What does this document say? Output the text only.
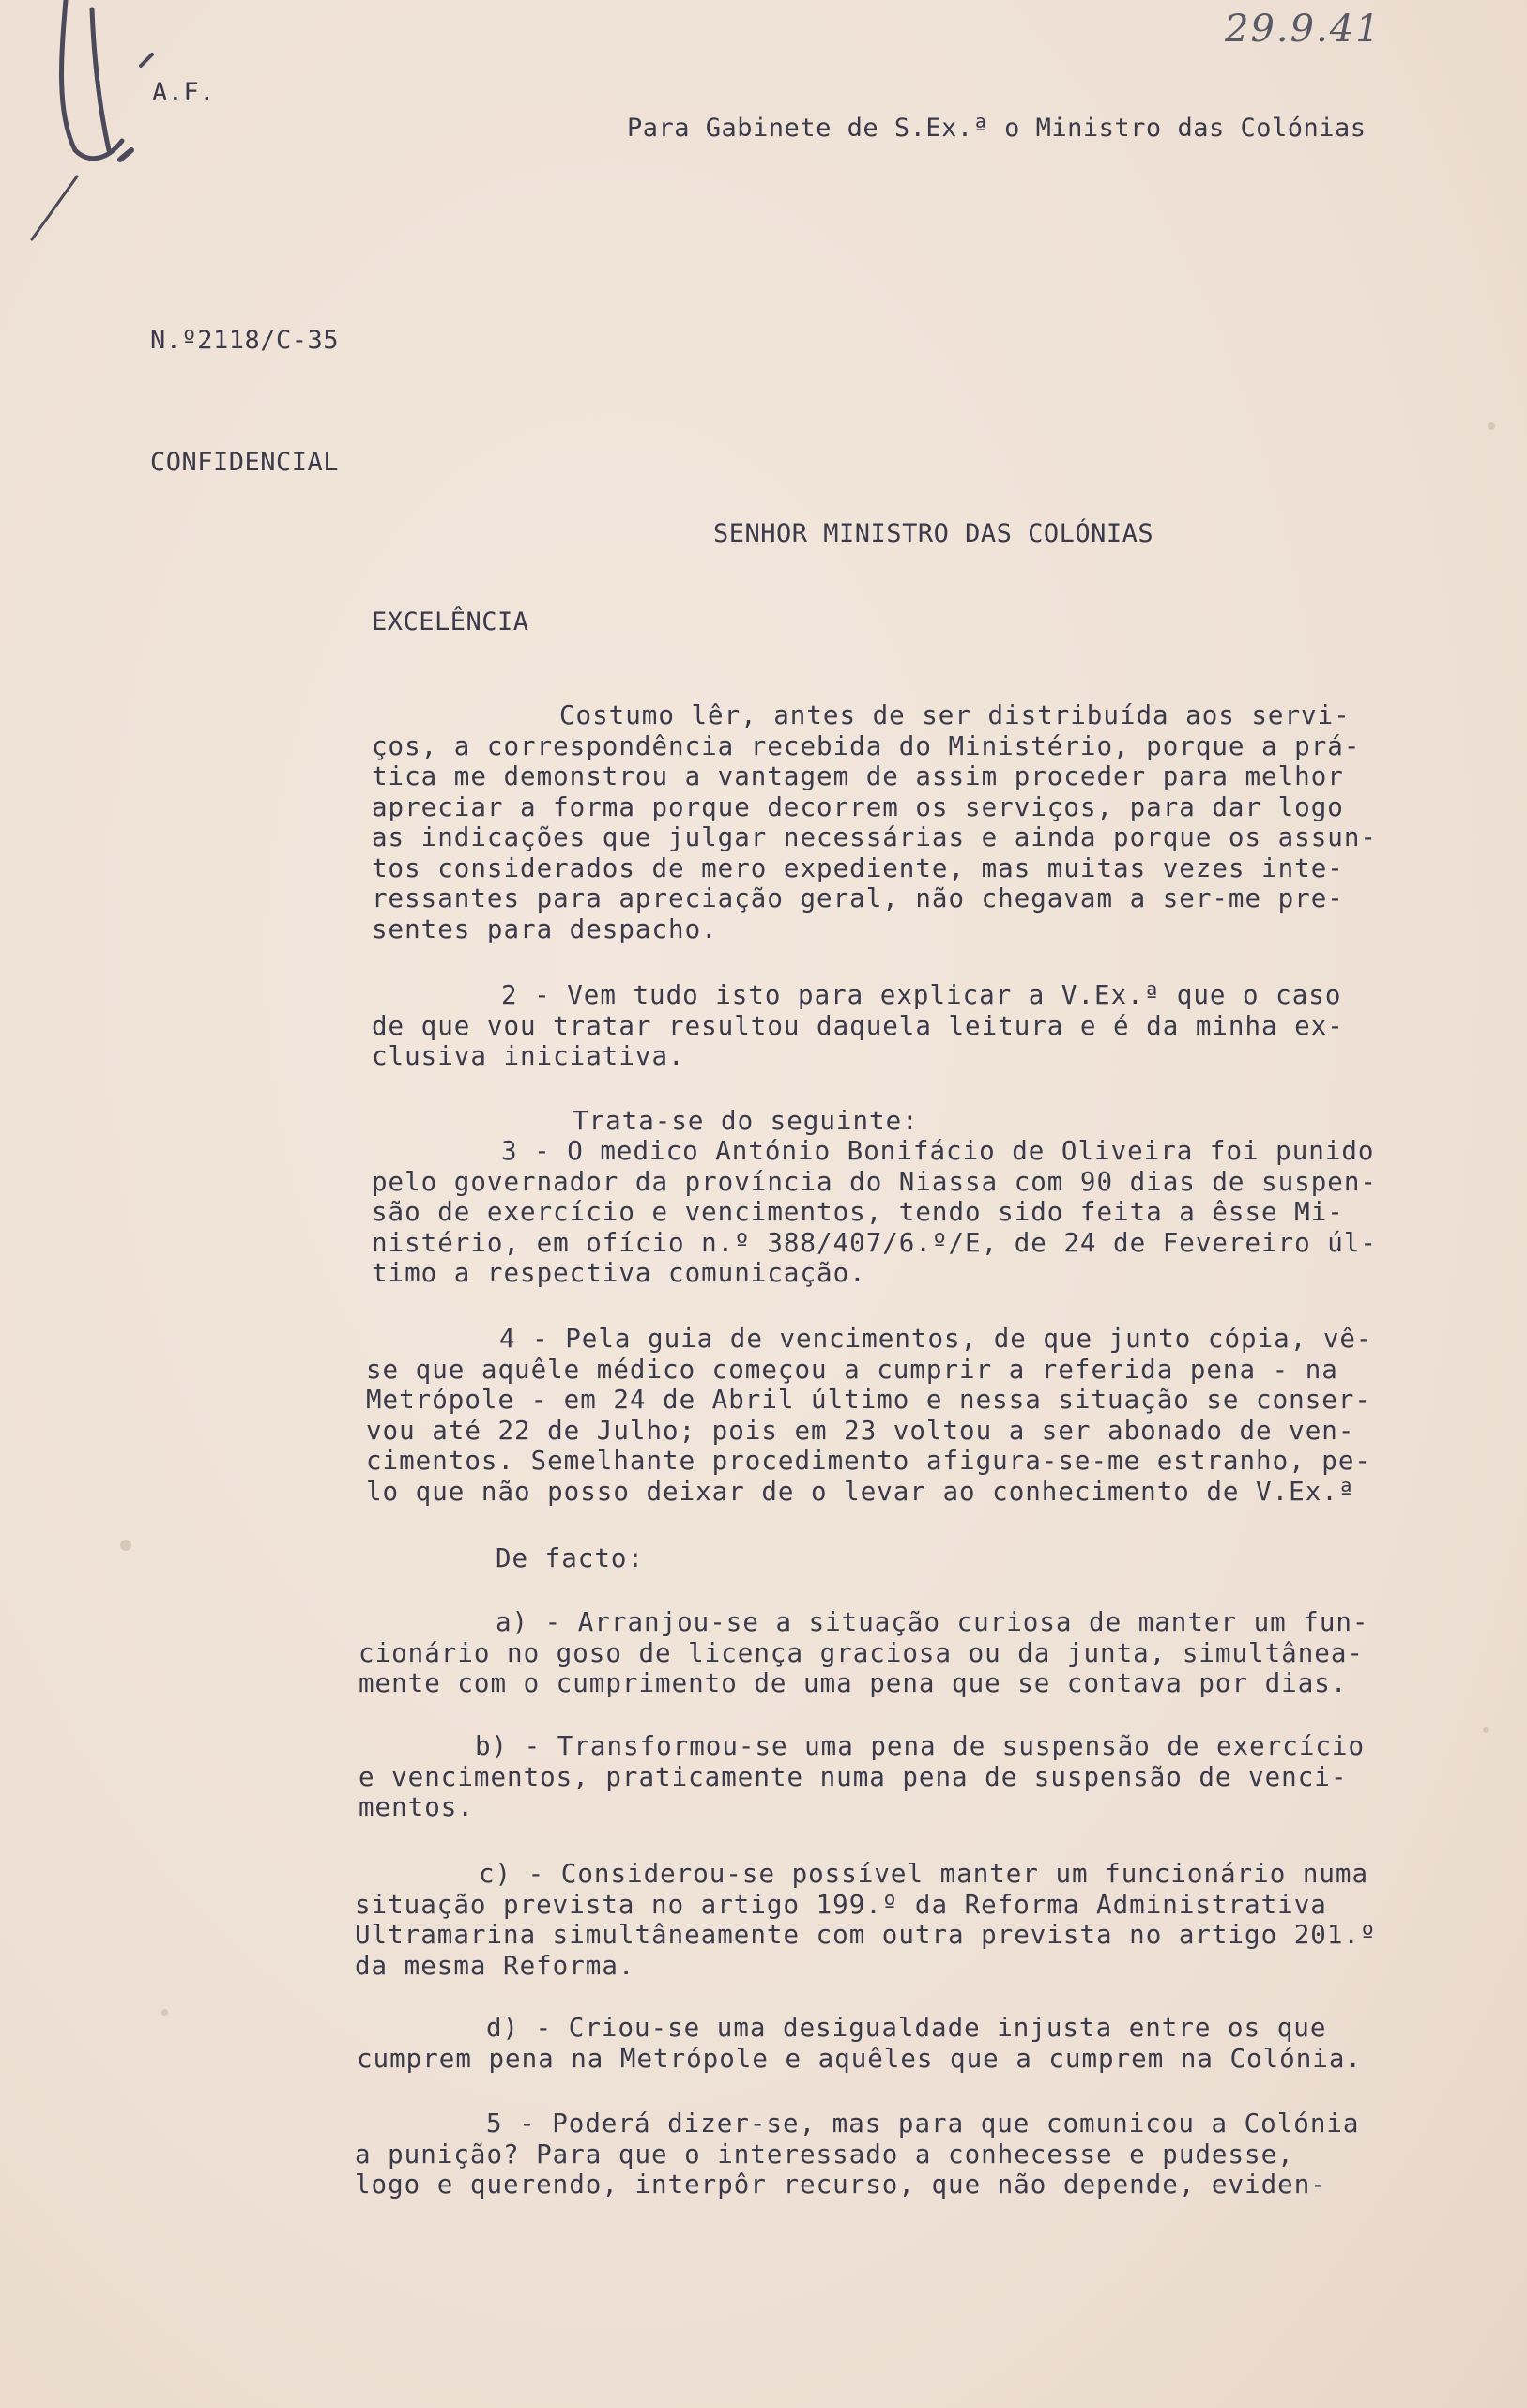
A.F.
29.9.41
Para Gabinete de S.Ex.ª o Ministro das Colónias
N.º2118/C-35
CONFIDENCIAL
SENHOR MINISTRO DAS COLÓNIAS
EXCELÊNCIA
Costumo lêr, antes de ser distribuída aos servi-
ços, a correspondência recebida do Ministério, porque a prá-
tica me demonstrou a vantagem de assim proceder para melhor
apreciar a forma porque decorrem os serviços, para dar logo
as indicações que julgar necessárias e ainda porque os assun-
tos considerados de mero expediente, mas muitas vezes inte-
ressantes para apreciação geral, não chegavam a ser-me pre-
sentes para despacho.
2 - Vem tudo isto para explicar a V.Ex.ª que o caso
de que vou tratar resultou daquela leitura e é da minha ex-
clusiva iniciativa.
Trata-se do seguinte:
3 - O medico António Bonifácio de Oliveira foi punido
pelo governador da província do Niassa com 90 dias de suspen-
são de exercício e vencimentos, tendo sido feita a êsse Mi-
nistério, em ofício n.º 388/407/6.º/E, de 24 de Fevereiro úl-
timo a respectiva comunicação.
4 - Pela guia de vencimentos, de que junto cópia, vê-
se que aquêle médico começou a cumprir a referida pena - na
Metrópole - em 24 de Abril último e nessa situação se conser-
vou até 22 de Julho; pois em 23 voltou a ser abonado de ven-
cimentos. Semelhante procedimento afigura-se-me estranho, pe-
lo que não posso deixar de o levar ao conhecimento de V.Ex.ª
De facto:
a) - Arranjou-se a situação curiosa de manter um fun-
cionário no goso de licença graciosa ou da junta, simultânea-
mente com o cumprimento de uma pena que se contava por dias.
b) - Transformou-se uma pena de suspensão de exercício
e vencimentos, praticamente numa pena de suspensão de venci-
mentos.
c) - Considerou-se possível manter um funcionário numa
situação prevista no artigo 199.º da Reforma Administrativa
Ultramarina simultâneamente com outra prevista no artigo 201.º
da mesma Reforma.
d) - Criou-se uma desigualdade injusta entre os que
cumprem pena na Metrópole e aquêles que a cumprem na Colónia.
5 - Poderá dizer-se, mas para que comunicou a Colónia
a punição? Para que o interessado a conhecesse e pudesse,
logo e querendo, interpôr recurso, que não depende, eviden-
